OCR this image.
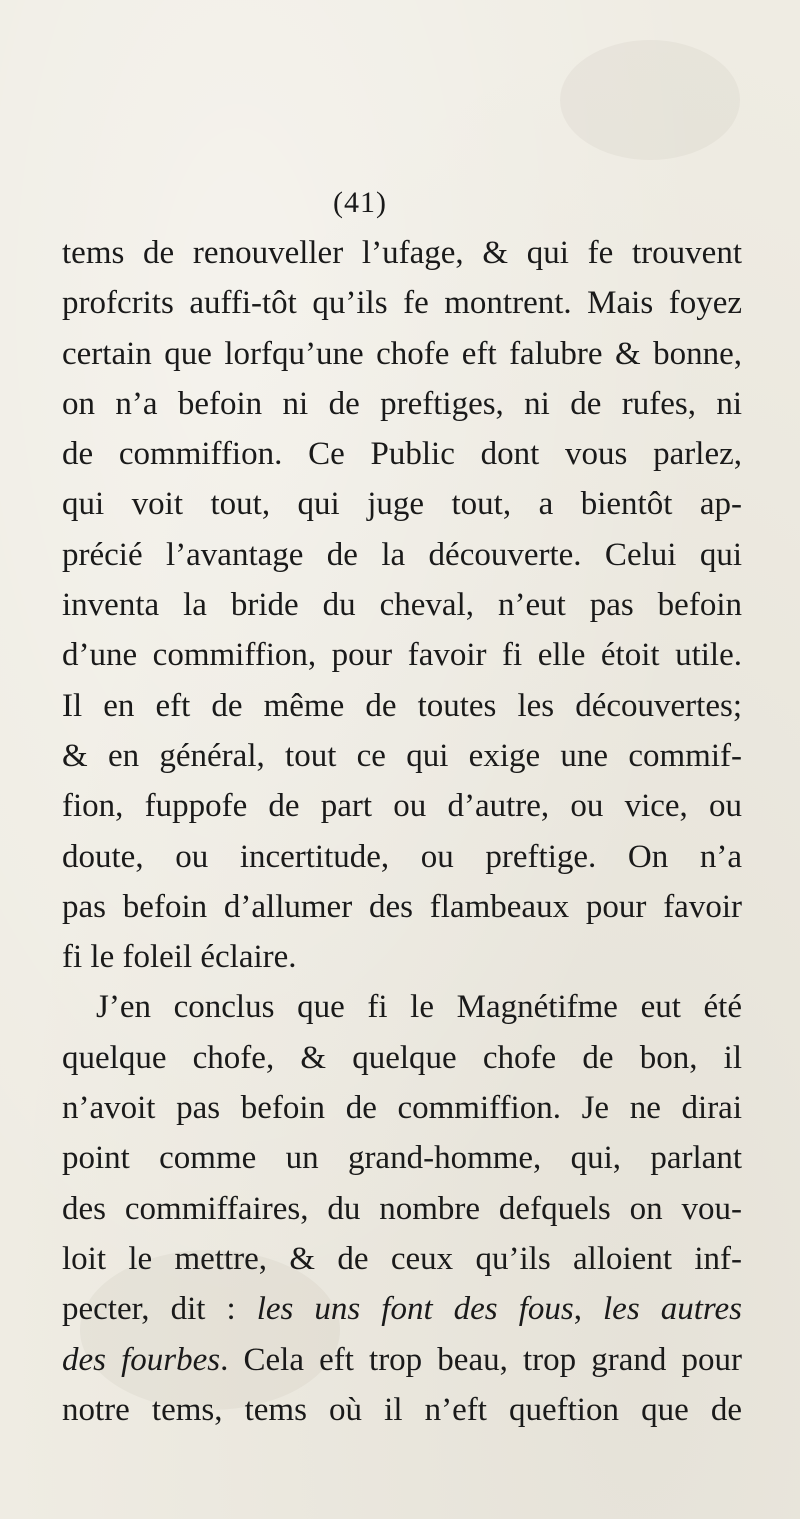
(41)
tems de renouveller l’ufage, & qui fe trouvent
profcrits auffi-tôt qu’ils fe montrent. Mais foyez
certain que lorfqu’une chofe eft falubre & bonne,
on n’a befoin ni de preftiges, ni de rufes, ni
de commiffion. Ce Public dont vous parlez,
qui voit tout, qui juge tout, a bientôt ap-
précié l’avantage de la découverte. Celui qui
inventa la bride du cheval, n’eut pas befoin
d’une commiffion, pour favoir fi elle étoit utile.
Il en eft de même de toutes les découvertes;
& en général, tout ce qui exige une commif-
fion, fuppofe de part ou d’autre, ou vice, ou
doute, ou incertitude, ou preftige. On n’a
pas befoin d’allumer des flambeaux pour favoir
fi le foleil éclaire.
J’en conclus que fi le Magnétifme eut été
quelque chofe, & quelque chofe de bon, il
n’avoit pas befoin de commiffion. Je ne dirai
point comme un grand-homme, qui, parlant
des commiffaires, du nombre defquels on vou-
loit le mettre, & de ceux qu’ils alloient inf-
pecter, dit : les uns font des fous, les autres
des fourbes. Cela eft trop beau, trop grand pour
notre tems, tems où il n’eft queftion que de
